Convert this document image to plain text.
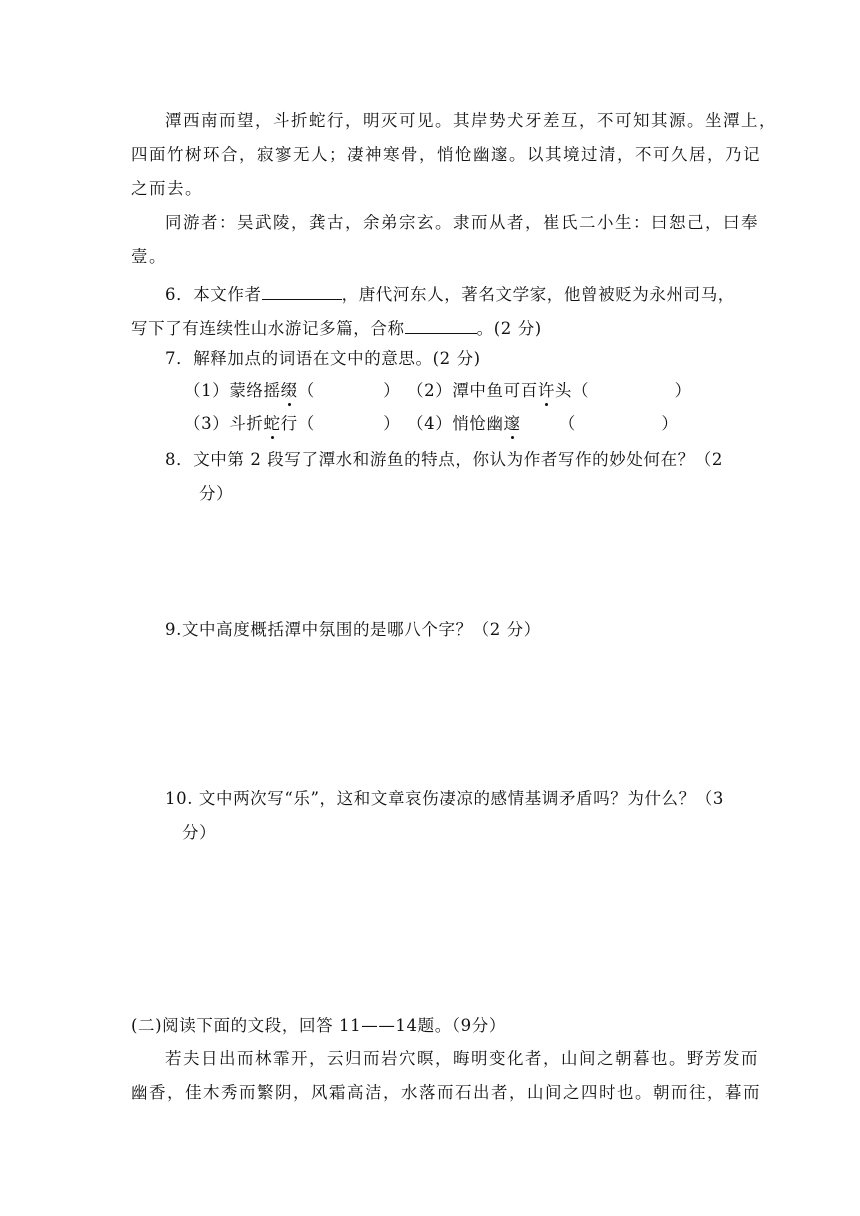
潭西南而望，斗折蛇行，明灭可见。其岸势犬牙差互，不可知其源。坐潭上，
四面竹树环合，寂寥无人；凄神寒骨，悄怆幽邃。以其境过清，不可久居，乃记
之而去。
同游者：吴武陵，龚古，余弟宗玄。隶而从者，崔氏二小生：曰恕己，曰奉
壹。
6．本文作者	，唐代河东人，著名文学家，他曾被贬为永州司马，
写下了有连续性山水游记多篇，合称	。(2 分)
7．解释加点的词语在文中的意思。(2 分)
（1）蒙络摇缀（　　　　） （2）潭中鱼可百许头（　　　　　）
（3）斗折蛇行（　　　　） （4）悄怆幽邃 （　　　　　）
8．文中第 2 段写了潭水和游鱼的特点，你认为作者写作的妙处何在？（2
分）
9.文中高度概括潭中氛围的是哪八个字？（2 分）
10. 文中两次写“乐”，这和文章哀伤凄凉的感情基调矛盾吗？为什么？（3
分）
(二)阅读下面的文段，回答 11——14题。（9分）
若夫日出而林霏开，云归而岩穴暝，晦明变化者，山间之朝暮也。野芳发而
幽香，佳木秀而繁阴，风霜高洁，水落而石出者，山间之四时也。朝而往，暮而
